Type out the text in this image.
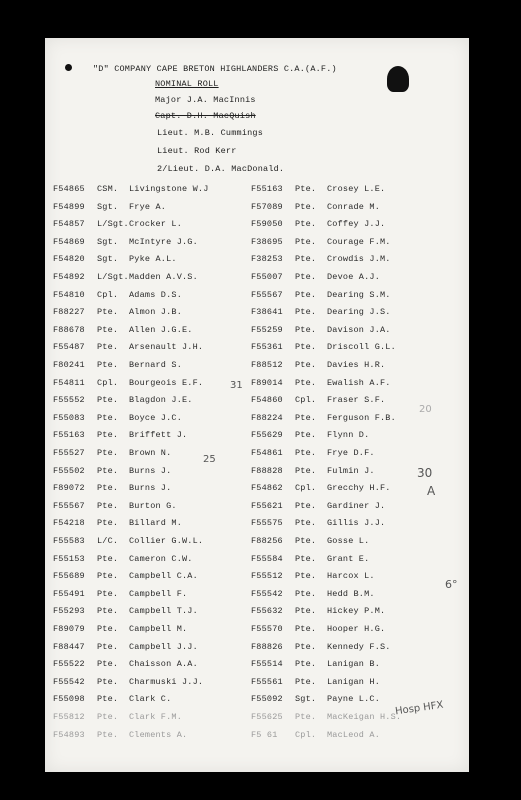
"D" COMPANY CAPE BRETON HIGHLANDERS C.A.(A.F.)
NOMINAL ROLL
Major J.A. MacInnis
Capt. D.H. MacQuish
Lieut. M.B. Cummings
Lieut. Rod Kerr
2/Lieut. D.A. MacDonald.
F54865 CSM. Livingstone W.J
F54899 Sgt. Frye A.
F54857 L/Sgt. Crocker L.
F54869 Sgt. McIntyre J.G.
F54820 Sgt. Pyke A.L.
F54892 L/Sgt. Madden A.V.S.
F54810 Cpl. Adams D.S.
F88227 Pte. Almon J.B.
F88678 Pte. Allen J.G.E.
F55487 Pte. Arsenault J.H.
F80241 Pte. Bernard S.
F54811 Cpl. Bourgeois E.F.
F55552 Pte. Blagdon J.E.
F55083 Pte. Boyce J.C.
F55163 Pte. Briffett J.
F55527 Pte. Brown N.
F55502 Pte. Burns J.
F89072 Pte. Burns J.
F55567 Pte. Burton G.
F54218 Pte. Billard M.
F55583 L/C. Collier G.W.L.
F55153 Pte. Cameron C.W.
F55689 Pte. Campbell C.A.
F55491 Pte. Campbell F.
F55293 Pte. Campbell T.J.
F89079 Pte. Campbell M.
F88447 Pte. Campbell J.J.
F55522 Pte. Chaisson A.A.
F55542 Pte. Charmuski J.J.
F55098 Pte. Clark C.
F55812 Pte. Clark F.M.
F54893 Pte. Clements A.
F55163 Pte. Crosey L.E.
F57089 Pte. Conrade M.
F59050 Pte. Coffey J.J.
F38695 Pte. Courage F.M.
F38253 Pte. Crowdis J.M.
F55007 Pte. Devoe A.J.
F55567 Pte. Dearing S.M.
F38641 Pte. Dearing J.S.
F55259 Pte. Davison J.A.
F55361 Pte. Driscoll G.L.
F88512 Pte. Davies H.R.
F89014 Pte. Ewalish A.F.
F54860 Cpl. Fraser S.F.
F88224 Pte. Ferguson F.B.
F55629 Pte. Flynn D.
F54861 Pte. Frye D.F.
F88828 Pte. Fulmin J.
F54862 Cpl. Grecchy H.F.
F55621 Pte. Gardiner J.
F55575 Pte. Gillis J.J.
F88256 Pte. Gosse L.
F55584 Pte. Grant E.
F55512 Pte. Harcox L.
F55542 Pte. Hedd B.M.
F55632 Pte. Hickey P.M.
F55570 Pte. Hooper H.G.
F88826 Pte. Kennedy F.S.
F55514 Pte. Lanigan B.
F55561 Pte. Lanigan H.
F55092 Sgt. Payne L.C.
F55625 Pte. MacKeigan H.S.
F5 61 Cpl. MacLeod A.
31
25
30
20
A
6°
Hosp HFX
